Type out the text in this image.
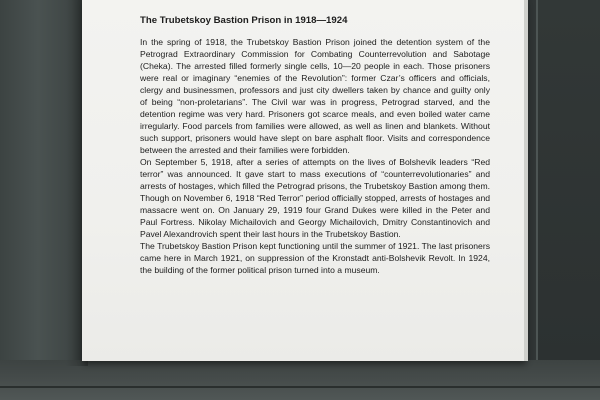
The Trubetskoy Bastion Prison in 1918—1924

In the spring of 1918, the Trubetskoy Bastion Prison joined the detention system of the Petrograd Extraordinary Commission for Combating Counterrevolution and Sabotage (Cheka). The arrested filled formerly single cells, 10—20 people in each. Those prisoners were real or imaginary “enemies of the Revolution”: former Czar’s officers and officials, clergy and businessmen, professors and just city dwellers taken by chance and guilty only of being “non-proletarians”. The Civil war was in progress, Petrograd starved, and the detention regime was very hard. Prisoners got scarce meals, and even boiled water came irregularly. Food parcels from families were allowed, as well as linen and blankets. Without such support, prisoners would have slept on bare asphalt floor. Visits and correspondence between the arrested and their families were forbidden.

On September 5, 1918, after a series of attempts on the lives of Bolshevik leaders “Red terror” was announced. It gave start to mass executions of “counterrevolutionaries” and arrests of hostages, which filled the Petrograd prisons, the Trubetskoy Bastion among them. Though on November 6, 1918 “Red Terror” period officially stopped, arrests of hostages and massacre went on. On January 29, 1919 four Grand Dukes were killed in the Peter and Paul Fortress. Nikolay Michailovich and Georgy Michailovich, Dmitry Constantinovich and Pavel Alexandrovich spent their last hours in the Trubetskoy Bastion.

The Trubetskoy Bastion Prison kept functioning until the summer of 1921. The last prisoners came here in March 1921, on suppression of the Kronstadt anti-Bolshevik Revolt. In 1924, the building of the former political prison turned into a museum.
